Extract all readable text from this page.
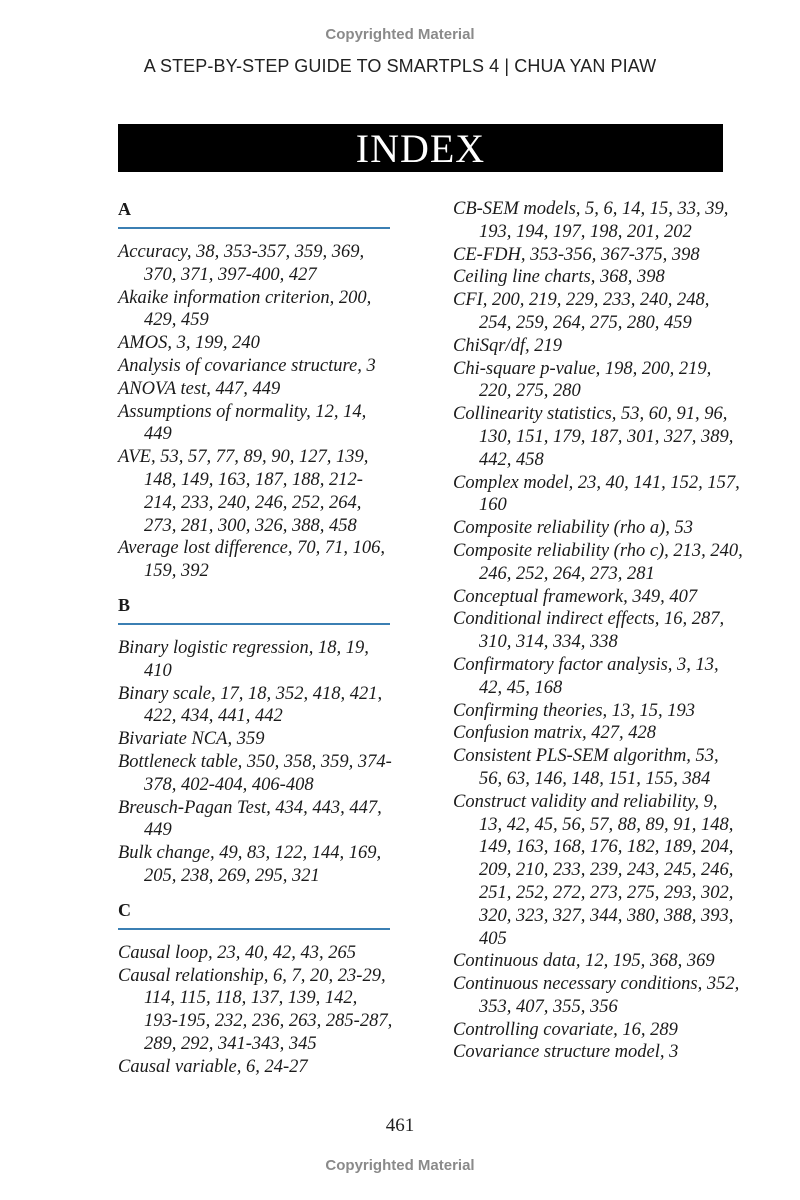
Copyrighted Material
A STEP-BY-STEP GUIDE TO SMARTPLS 4 | CHUA YAN PIAW
INDEX
A

Accuracy, 38, 353-357, 359, 369, 370, 371, 397-400, 427

Akaike information criterion, 200, 429, 459

AMOS, 3, 199, 240

Analysis of covariance structure, 3

ANOVA test, 447, 449

Assumptions of normality, 12, 14, 449

AVE, 53, 57, 77, 89, 90, 127, 139, 148, 149, 163, 187, 188, 212-214, 233, 240, 246, 252, 264, 273, 281, 300, 326, 388, 458

Average lost difference, 70, 71, 106, 159, 392

B

Binary logistic regression, 18, 19, 410

Binary scale, 17, 18, 352, 418, 421, 422, 434, 441, 442

Bivariate NCA, 359

Bottleneck table, 350, 358, 359, 374-378, 402-404, 406-408

Breusch-Pagan Test, 434, 443, 447, 449

Bulk change, 49, 83, 122, 144, 169, 205, 238, 269, 295, 321

C

Causal loop, 23, 40, 42, 43, 265

Causal relationship, 6, 7, 20, 23-29, 114, 115, 118, 137, 139, 142, 193-195, 232, 236, 263, 285-287, 289, 292, 341-343, 345

Causal variable, 6, 24-27

CB-SEM models, 5, 6, 14, 15, 33, 39, 193, 194, 197, 198, 201, 202

CE-FDH, 353-356, 367-375, 398

Ceiling line charts, 368, 398

CFI, 200, 219, 229, 233, 240, 248, 254, 259, 264, 275, 280, 459

ChiSqr/df, 219

Chi-square p-value, 198, 200, 219, 220, 275, 280

Collinearity statistics, 53, 60, 91, 96, 130, 151, 179, 187, 301, 327, 389, 442, 458

Complex model, 23, 40, 141, 152, 157, 160

Composite reliability (rho a), 53

Composite reliability (rho c), 213, 240, 246, 252, 264, 273, 281

Conceptual framework, 349, 407

Conditional indirect effects, 16, 287, 310, 314, 334, 338

Confirmatory factor analysis, 3, 13, 42, 45, 168

Confirming theories, 13, 15, 193

Confusion matrix, 427, 428

Consistent PLS-SEM algorithm, 53, 56, 63, 146, 148, 151, 155, 384

Construct validity and reliability, 9, 13, 42, 45, 56, 57, 88, 89, 91, 148, 149, 163, 168, 176, 182, 189, 204, 209, 210, 233, 239, 243, 245, 246, 251, 252, 272, 273, 275, 293, 302, 320, 323, 327, 344, 380, 388, 393, 405

Continuous data, 12, 195, 368, 369

Continuous necessary conditions, 352, 353, 407, 355, 356

Controlling covariate, 16, 289

Covariance structure model, 3

461
Copyrighted Material
